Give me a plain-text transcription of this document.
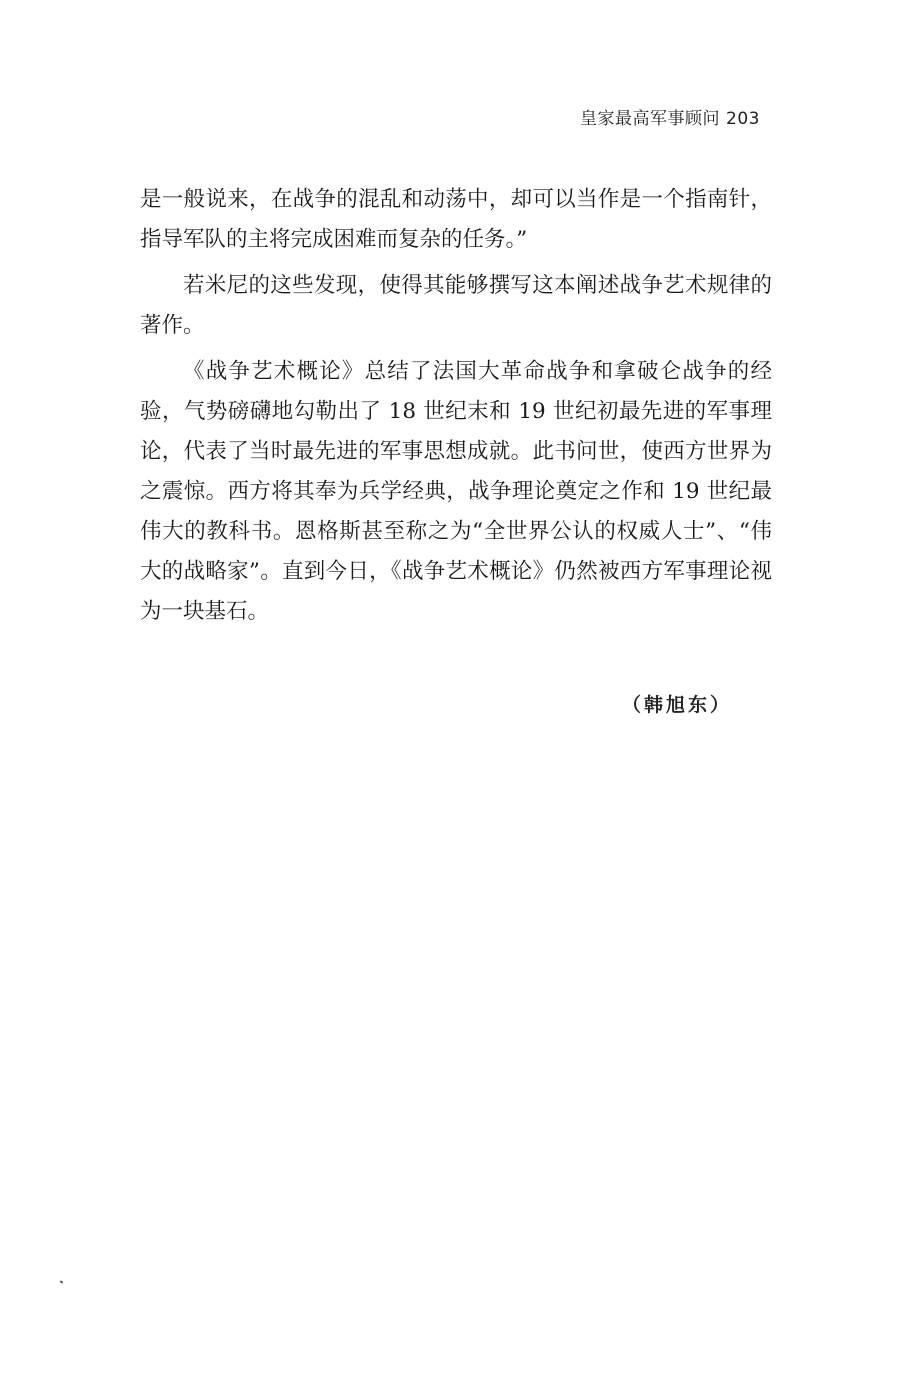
皇家最高军事顾问 203

是一般说来，在战争的混乱和动荡中，却可以当作是一个指南针，指导军队的主将完成困难而复杂的任务。”

若米尼的这些发现，使得其能够撰写这本阐述战争艺术规律的著作。

《战争艺术概论》总结了法国大革命战争和拿破仑战争的经验，气势磅礴地勾勒出了 18 世纪末和 19 世纪初最先进的军事理论，代表了当时最先进的军事思想成就。此书问世，使西方世界为之震惊。西方将其奉为兵学经典，战争理论奠定之作和 19 世纪最伟大的教科书。恩格斯甚至称之为“全世界公认的权威人士”、“伟大的战略家”。直到今日，《战争艺术概论》仍然被西方军事理论视为一块基石。

（韩旭东）
